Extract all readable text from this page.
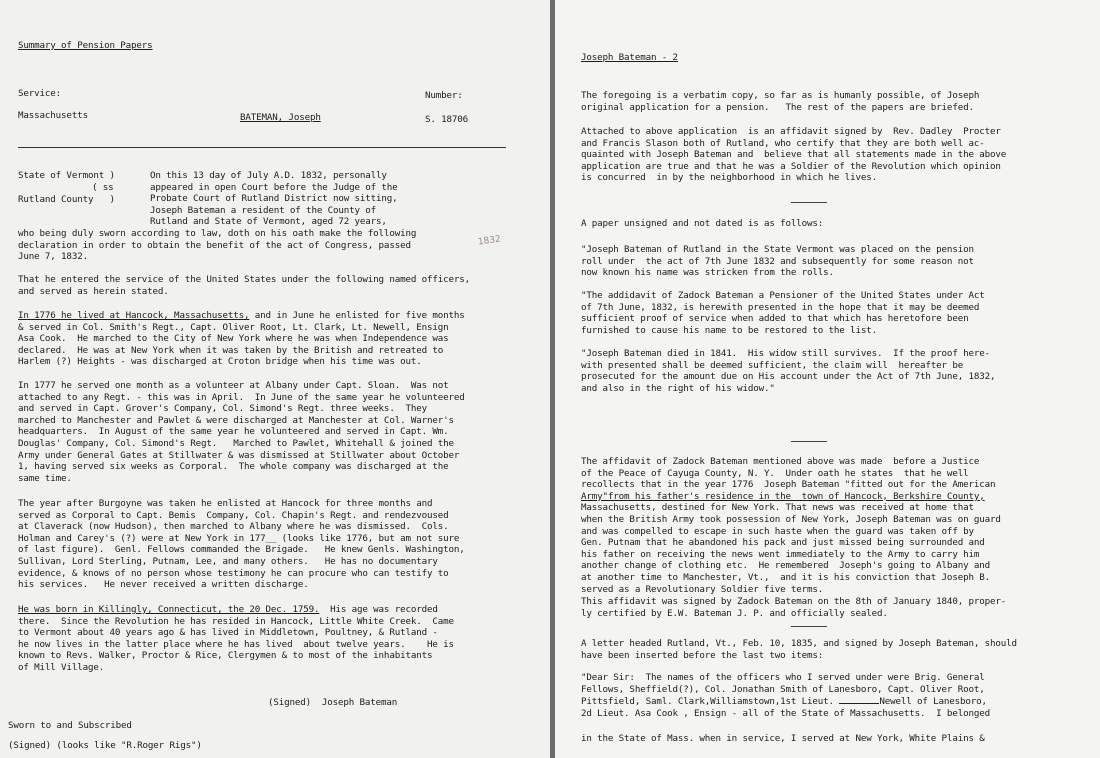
Summary of Pension Papers
Service:	Number:
Massachusetts	BATEMAN, Joseph	S. 18706
State of Vermont )
( ss
Rutland County   )
On this 13 day of July A.D. 1832, personally
appeared in open Court before the Judge of the
Probate Court of Rutland District now sitting,
Joseph Bateman a resident of the County of
Rutland and State of Vermont, aged 72 years,
who being duly sworn according to law, doth on his oath make the following
declaration in order to obtain the benefit of the act of Congress, passed
June 7, 1832.
1832
That he entered the service of the United States under the following named officers,
and served as herein stated.
In 1776 he lived at Hancock, Massachusetts, and in June he enlisted for five months
& served in Col. Smith's Regt., Capt. Oliver Root, Lt. Clark, Lt. Newell, Ensign
Asa Cook.  He marched to the City of New York where he was when Independence was
declared.  He was at New York when it was taken by the British and retreated to
Harlem (?) Heights - was discharged at Croton bridge when his time was out.
In 1777 he served one month as a volunteer at Albany under Capt. Sloan.  Was not
attached to any Regt. - this was in April.  In June of the same year he volunteered
and served in Capt. Grover's Company, Col. Simond's Regt. three weeks.  They
marched to Manchester and Pawlet & were discharged at Manchester at Col. Warner's
headquarters.  In August of the same year he volunteered and served in Capt. Wm.
Douglas' Company, Col. Simond's Regt.   Marched to Pawlet, Whitehall & joined the
Army under General Gates at Stillwater & was dismissed at Stillwater about October
1, having served six weeks as Corporal.  The whole company was discharged at the
same time.
The year after Burgoyne was taken he enlisted at Hancock for three months and
served as Corporal to Capt. Bemis  Company, Col. Chapin's Regt. and rendezvoused
at Claverack (now Hudson), then marched to Albany where he was dismissed.  Cols.
Holman and Carey's (?) were at New York in 177__ (looks like 1776, but am not sure
of last figure).  Genl. Fellows commanded the Brigade.   He knew Genls. Washington,
Sullivan, Lord Sterling, Putnam, Lee, and many others.   He has no documentary
evidence, & knows of no person whose testimony he can procure who can testify to
his services.   He never received a written discharge.
He was born in Killingly, Connecticut, the 20 Dec. 1759.  His age was recorded
there.  Since the Revolution he has resided in Hancock, Little White Creek.  Came
to Vermont about 40 years ago & has lived in Middletown, Poultney, & Rutland -
he now lives in the latter place where he has lived  about twelve years.    He is
known to Revs. Walker, Proctor & Rice, Clergymen & to most of the inhabitants
of Mill Village.
(Signed)  Joseph Bateman
Sworn to and Subscribed
(Signed) (looks like "R.Roger Rigs")
Joseph Bateman - 2
The foregoing is a verbatim copy, so far as is humanly possible, of Joseph
original application for a pension.   The rest of the papers are briefed.
Attached to above application  is an affidavit signed by  Rev. Dadley  Procter
and Francis Slason both of Rutland, who certify that they are both well ac-
quainted with Joseph Bateman and  believe that all statements made in the above
application are true and that he was a Soldier of the Revolution which opinion
is concurred  in by the neighborhood in which he lives.
A paper unsigned and not dated is as follows:
"Joseph Bateman of Rutland in the State Vermont was placed on the pension
roll under  the act of 7th June 1832 and subsequently for some reason not
now known his name was stricken from the rolls.
"The addidavit of Zadock Bateman a Pensioner of the United States under Act
of 7th June, 1832, is herewith presented in the hope that it may be deemed
sufficient proof of service when added to that which has heretofore been
furnished to cause his name to be restored to the list.
"Joseph Bateman died in 1841.  His widow still survives.  If the proof here-
with presented shall be deemed sufficient, the claim will  hereafter be
prosecuted for the amount due on His account under the Act of 7th June, 1832,
and also in the right of his widow."
The affidavit of Zadock Bateman mentioned above was made  before a Justice
of the Peace of Cayuga County, N. Y.  Under oath he states  that he well
recollects that in the year 1776  Joseph Bateman "fitted out for the American
Army"from his father's residence in the  town of Hancock, Berkshire County,
Massachusetts, destined for New York. That news was received at home that
when the British Army took possession of New York, Joseph Bateman was on guard
and was compelled to escape in such haste when the guard was taken off by
Gen. Putnam that he abandoned his pack and just missed being surrounded and
his father on receiving the news went immediately to the Army to carry him
another change of clothing etc.  He remembered  Joseph's going to Albany and
at another time to Manchester, Vt.,  and it is his conviction that Joseph B.
served as a Revolutionary Soldier five terms.
This affidavit was signed by Zadock Bateman on the 8th of January 1840, proper-
ly certified by E.W. Bateman J. P. and officially sealed.
A letter headed Rutland, Vt., Feb. 10, 1835, and signed by Joseph Bateman, should
have been inserted before the last two items:
"Dear Sir:  The names of the officers who I served under were Brig. General
Fellows, Sheffield(?), Col. Jonathan Smith of Lanesboro, Capt. Oliver Root,
Pittsfield, Saml. Clark,Williamstown,1st Lieut.	Newell of Lanesboro,
2d Lieut. Asa Cook , Ensign - all of the State of Massachusetts.  I belonged
in the State of Mass. when in service, I served at New York, White Plains &
